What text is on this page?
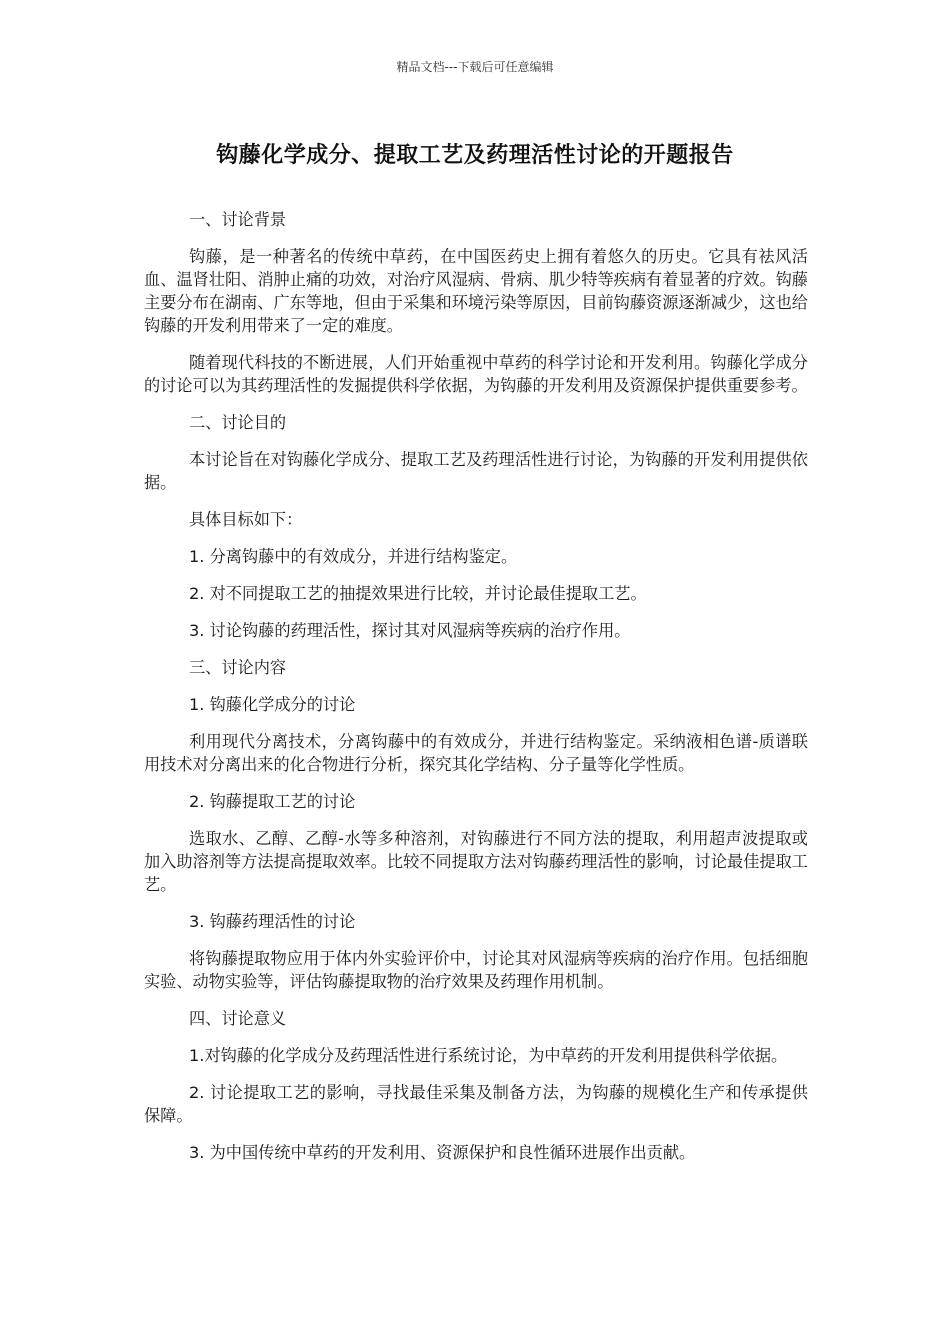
精品文档---下载后可任意编辑
钩藤化学成分、提取工艺及药理活性讨论的开题报告

一、讨论背景

钩藤，是一种著名的传统中草药，在中国医药史上拥有着悠久的历史。它具有祛风活血、温肾壮阳、消肿止痛的功效，对治疗风湿病、骨病、肌少特等疾病有着显著的疗效。钩藤主要分布在湖南、广东等地，但由于采集和环境污染等原因，目前钩藤资源逐渐减少，这也给钩藤的开发利用带来了一定的难度。

随着现代科技的不断进展，人们开始重视中草药的科学讨论和开发利用。钩藤化学成分的讨论可以为其药理活性的发掘提供科学依据，为钩藤的开发利用及资源保护提供重要参考。

二、讨论目的

本讨论旨在对钩藤化学成分、提取工艺及药理活性进行讨论，为钩藤的开发利用提供依据。

具体目标如下：

1. 分离钩藤中的有效成分，并进行结构鉴定。

2. 对不同提取工艺的抽提效果进行比较，并讨论最佳提取工艺。

3. 讨论钩藤的药理活性，探讨其对风湿病等疾病的治疗作用。

三、讨论内容

1. 钩藤化学成分的讨论

利用现代分离技术，分离钩藤中的有效成分，并进行结构鉴定。采纳液相色谱-质谱联用技术对分离出来的化合物进行分析，探究其化学结构、分子量等化学性质。

2. 钩藤提取工艺的讨论

选取水、乙醇、乙醇-水等多种溶剂，对钩藤进行不同方法的提取，利用超声波提取或加入助溶剂等方法提高提取效率。比较不同提取方法对钩藤药理活性的影响，讨论最佳提取工艺。

3. 钩藤药理活性的讨论

将钩藤提取物应用于体内外实验评价中，讨论其对风湿病等疾病的治疗作用。包括细胞实验、动物实验等，评估钩藤提取物的治疗效果及药理作用机制。

四、讨论意义

1.对钩藤的化学成分及药理活性进行系统讨论，为中草药的开发利用提供科学依据。

2. 讨论提取工艺的影响，寻找最佳采集及制备方法，为钩藤的规模化生产和传承提供保障。

3. 为中国传统中草药的开发利用、资源保护和良性循环进展作出贡献。
